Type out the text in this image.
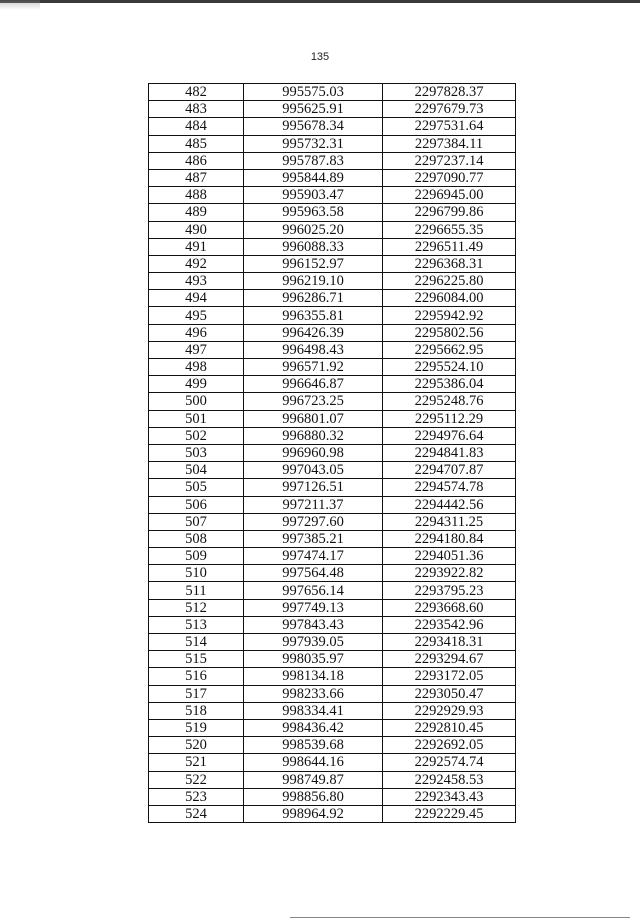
135
482	995575.03	2297828.37
483	995625.91	2297679.73
484	995678.34	2297531.64
485	995732.31	2297384.11
486	995787.83	2297237.14
487	995844.89	2297090.77
488	995903.47	2296945.00
489	995963.58	2296799.86
490	996025.20	2296655.35
491	996088.33	2296511.49
492	996152.97	2296368.31
493	996219.10	2296225.80
494	996286.71	2296084.00
495	996355.81	2295942.92
496	996426.39	2295802.56
497	996498.43	2295662.95
498	996571.92	2295524.10
499	996646.87	2295386.04
500	996723.25	2295248.76
501	996801.07	2295112.29
502	996880.32	2294976.64
503	996960.98	2294841.83
504	997043.05	2294707.87
505	997126.51	2294574.78
506	997211.37	2294442.56
507	997297.60	2294311.25
508	997385.21	2294180.84
509	997474.17	2294051.36
510	997564.48	2293922.82
511	997656.14	2293795.23
512	997749.13	2293668.60
513	997843.43	2293542.96
514	997939.05	2293418.31
515	998035.97	2293294.67
516	998134.18	2293172.05
517	998233.66	2293050.47
518	998334.41	2292929.93
519	998436.42	2292810.45
520	998539.68	2292692.05
521	998644.16	2292574.74
522	998749.87	2292458.53
523	998856.80	2292343.43
524	998964.92	2292229.45
